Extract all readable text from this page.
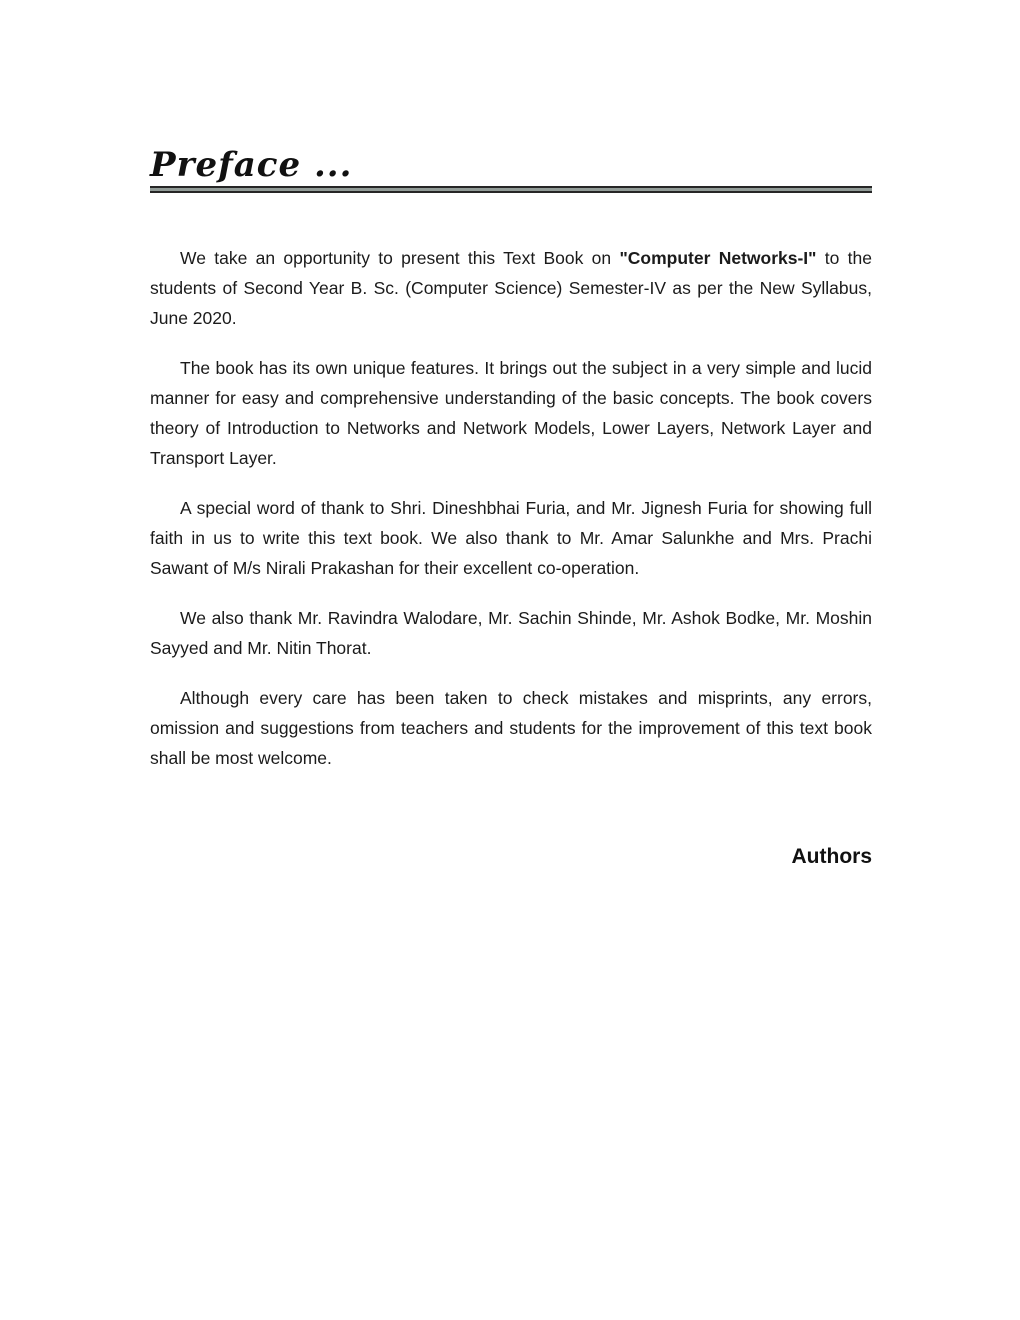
Preface ...

We take an opportunity to present this Text Book on "Computer Networks-I" to the students of Second Year B. Sc. (Computer Science) Semester-IV as per the New Syllabus, June 2020.

The book has its own unique features. It brings out the subject in a very simple and lucid manner for easy and comprehensive understanding of the basic concepts. The book covers theory of Introduction to Networks and Network Models, Lower Layers, Network Layer and Transport Layer.

A special word of thank to Shri. Dineshbhai Furia, and Mr. Jignesh Furia for showing full faith in us to write this text book. We also thank to Mr. Amar Salunkhe and Mrs. Prachi Sawant of M/s Nirali Prakashan for their excellent co-operation.

We also thank Mr. Ravindra Walodare, Mr. Sachin Shinde, Mr. Ashok Bodke, Mr. Moshin Sayyed and Mr. Nitin Thorat.

Although every care has been taken to check mistakes and misprints, any errors, omission and suggestions from teachers and students for the improvement of this text book shall be most welcome.

Authors
